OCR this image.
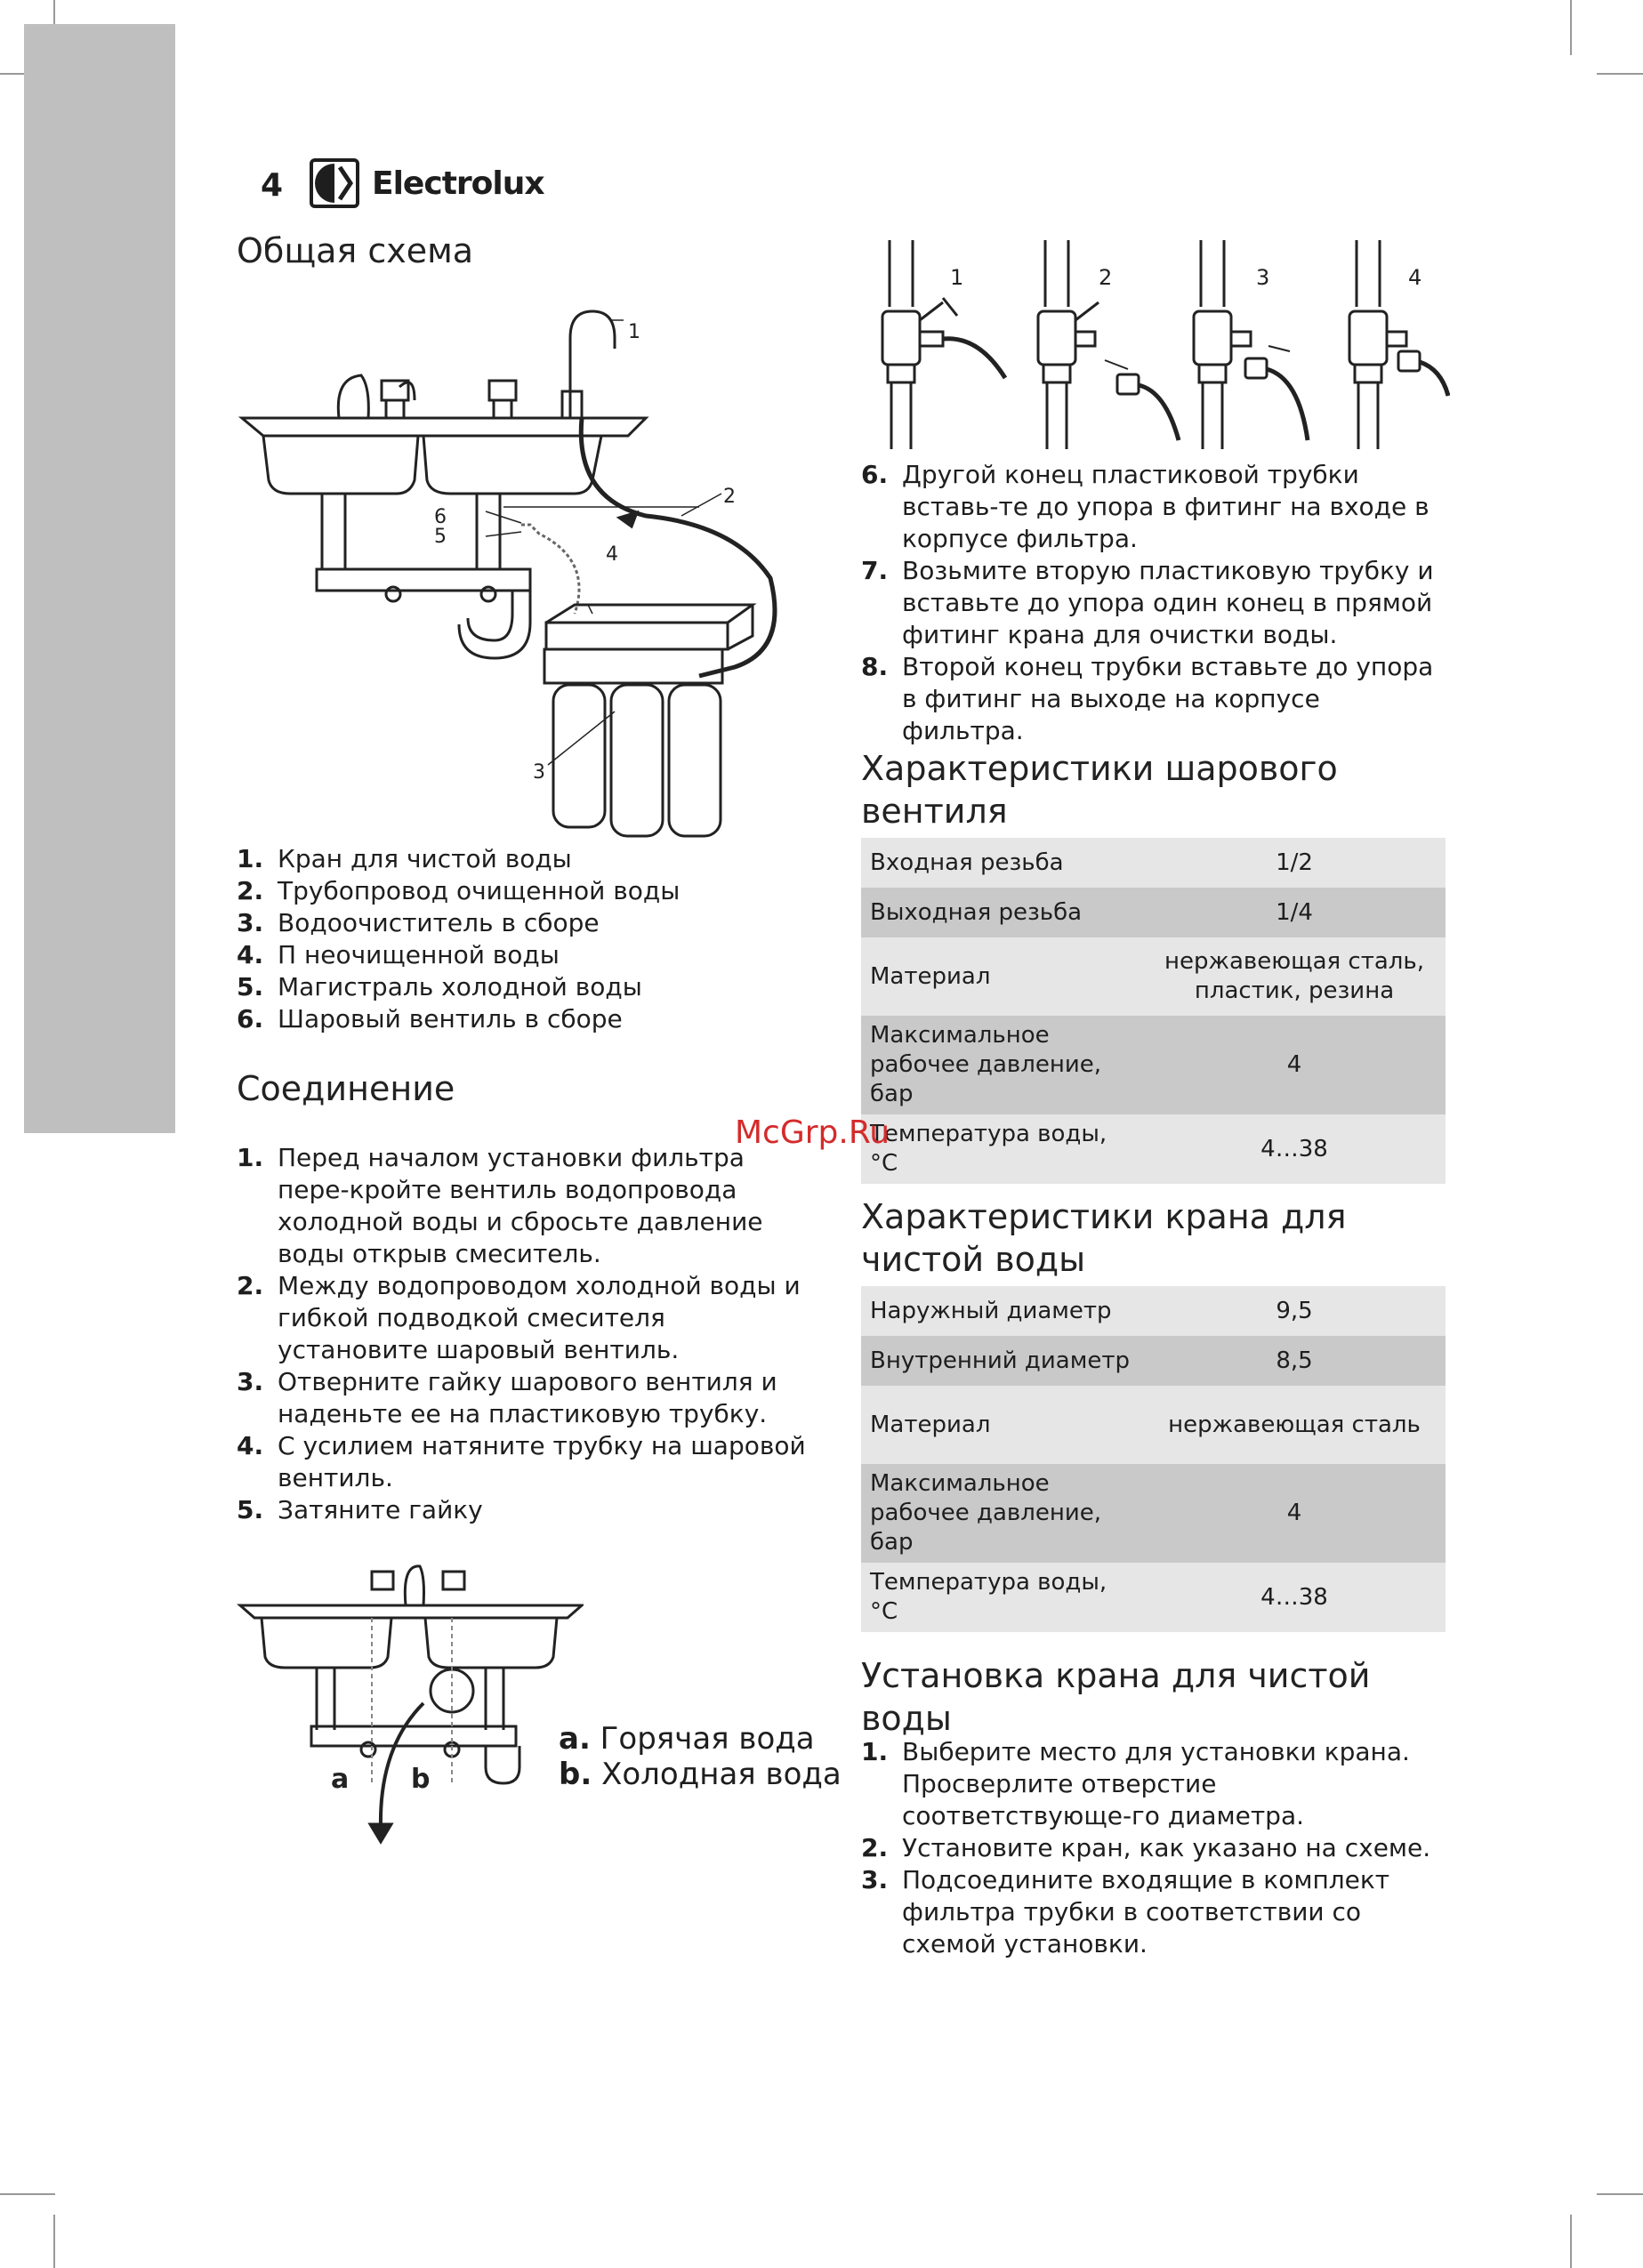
4	Electrolux
Общая схема
1
2
3
4
5
6
1. Кран для чистой воды
2. Трубопровод очищенной воды
3. Водоочиститель в сборе
4. П неочищенной воды
5. Магистраль холодной воды
6. Шаровый вентиль в сборе
Соединение
1. Перед началом установки фильтра пере-кройте вентиль водопровода холодной воды и сбросьте давление воды открыв смеситель.
2. Между водопроводом холодной воды и гибкой подводкой смесителя установите шаровый вентиль.
3. Отверните гайку шарового вентиля и наденьте ее на пластиковую трубку.
4. С усилием натяните трубку на шаровой вентиль.
5. Затяните гайку
a b
a. Горячая вода
b. Холодная вода
1	2	3	4
6. Другой конец пластиковой трубки вставь-те до упора в фитинг на входе в корпусе фильтра.
7. Возьмите вторую пластиковую трубку и вставьте до упора один конец в прямой фитинг крана для очистки воды.
8. Второй конец трубки вставьте до упора в фитинг на выходе на корпусе фильтра.
Характеристики шарового вентиля
Входная резьба	1/2
Выходная резьба	1/4
Материал	нержавеющая сталь, пластик, резина
Максимальное рабочее давление, бар	4
Температура воды, °С	4…38
McGrp.Ru
Характеристики крана для чистой воды
Наружный диаметр	9,5
Внутренний диаметр	8,5
Материал	нержавеющая сталь
Максимальное рабочее давление, бар	4
Температура воды, °С	4…38
Установка крана для чистой воды
1. Выберите место для установки крана. Просверлите отверстие соответствующе-го диаметра.
2. Установите кран, как указано на схеме.
3. Подсоедините входящие в комплект фильтра трубки в соответствии со схемой установки.
